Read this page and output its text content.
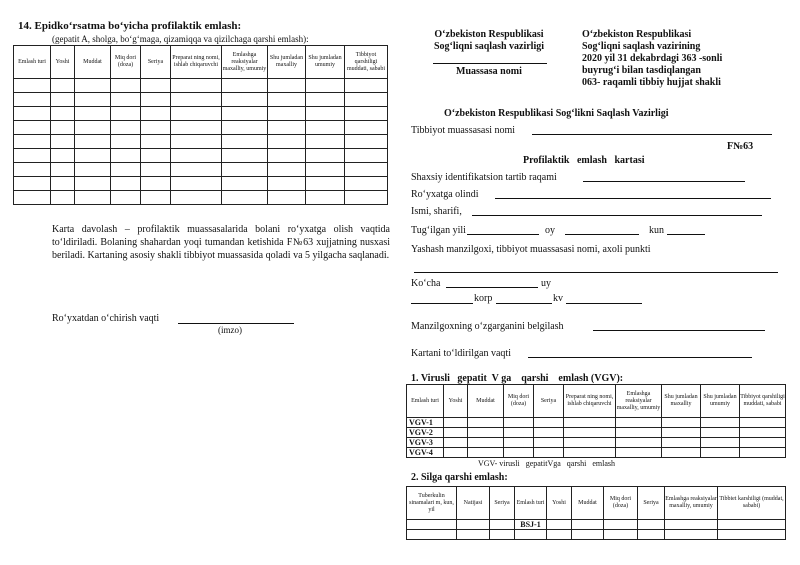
14. Epidko‘rsatma bo‘yicha profilaktik emlash:
(gepatit A, sholga, bo‘g‘maga, qizamiqqa va qizilchaga qarshi emlash):
Emlash turi	Yoshi	Muddat	Miq dori (doza)	Seriya	Preparat ning nomi, ishlab chiqaruvchi	Emlashga reaksiyalar maxalliy, umumiy	Shu jumladan maxalliy	Shu jumladan umumiy	Tibbiyot qarshiligi muddati, sababi

Karta davolash – profilaktik muassasalarida bolani ro‘yxatga olish vaqtida to‘ldiriladi. Bolaning shahardan yoqi tumandan ketishida F№63 xujjatning nusxasi beriladi. Kartaning asosiy shakli tibbiyot muassasida qoladi va 5 yilgacha saqlanadi.
Ro‘yxatdan o‘chirish vaqti
(imzo)
O‘zbekiston Respublikasi
Sog‘liqni saqlash vazirligi
Muassasa nomi
O‘zbekiston Respublikasi
Sog‘liqni saqlash vazirining
2020 yil 31 dekabrdagi 363 -sonli
buyrug‘i bilan tasdiqlangan
063- raqamli tibbiy hujjat shakli
O‘zbekiston Respublikasi Sog‘likni Saqlash Vazirligi
Tibbiyot muassasasi nomi
F№63
Profilaktik   emlash   kartasi
Shaxsiy identifikatsion tartib raqami
Ro‘yxatga olindi
Ismi, sharifi,
Tug‘ilgan yili	oy	kun
Yashash manzilgoxi, tibbiyot muassasasi nomi, axoli punkti
Ko‘cha	uy
korp	kv
Manzilgoxning o‘zgarganini belgilash
Kartani to‘ldirilgan vaqti
1. Virusli   gepatit  V ga    qarshi    emlash (VGV):
Emlash turi	Yoshi	Muddat	Miq dori (doza)	Seriya	Preparat ning nomi, ishlab chiqaruvchi	Emlashga reaksiyalar maxalliy, umumiy	Shu jumladan maxalliy	Shu jumladan umumiy	Tibbiyot qarshiligi muddati, sababi
VGV-1									
VGV-2									
VGV-3									
VGV-4									
VGV- virusli   gepatitVga   qarshi   emlash
2. Silga qarshi emlash:
Tuberkulin sinamalari m, kun, yil	Natijasi	Seriya	Emlash turi	Yoshi	Muddat	Miq dori (doza)	Seriya	Emlashga reaksiyalar maxalliy, umumiy	Tibbiet karshiligi (muddat, sababi)
			BSJ-1						
